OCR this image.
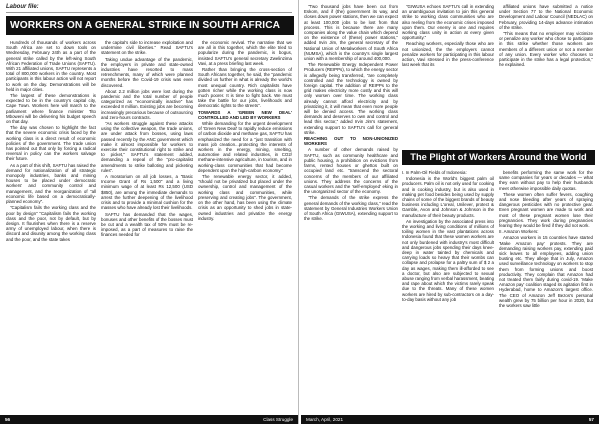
Labour file:
WORKERS ON A GENERAL STRIKE IN SOUTH AFRICA

Hundreds of thousands of workers across South Africa are set to down tools on Wednesday, February 24th as a part of the general strike called by the left-wing South African Federation of Trade Unions (SAFTU). With 21 affiliated unions, SAFTU represents a total of 800,000 workers in the country. Most participants in this labour action will not report to work on the day. Demonstrations will be held in major cities.

The largest of these demonstrations is expected to be in the country's capital city, Cape Town. Workers here will march to the parliament where finance minister Tito Mboweni will be delivering his budget speech on that day.

The day was chosen to highlight the fact that the severe economic crisis faced by the working class is a direct result of economic policies of the government. The trade union has pointed out that only by forcing a radical reversal in policy can the workers salvage their future.

As a part of this shift, SAFTU has raised the demand for nationalization of all strategic monopoly industries, banks and mining houses to be placed under democratic workers' and community control and management, and the reorganization of "all economic life based on a democratically-planned economy".

"Capitalism fails the working class and the poor by design" "Capitalism fails the working class and the poor, not by default, but by design. It flourishes when there is a reserve army of unemployed labour, when there is discord and disunity among the working class and the poor, and the state takes

the capital's side to increase exploitation and undermine civil liberties." Read SAFTU's statement on the strike.

Taking undue advantage of the pandemic, the employers in private and state-owned industries have resorted to mass retrenchments, many of which were planned months before the Covid-19 crisis was even discovered.

About 2.2 million jobs were lost during the pandemic and the total number of people categorized as "economically inactive" has exceeded 8 million. Existing jobs are becoming increasingly precarious because of outsourcing and zero-hours contracts.

"As workers struggle against these attacks using the collective weapon, the trade unions, are under attack from bosses, using laws passed recently by the ANC government which make it almost impossible for workers to exercise their constitutional right to strike and to picket," SAFTU's statement added, demanding a repeal of the "pro-capitalist amendments to strike balloting and picketing rules".

A moratorium on all job losses, a "Basic Income Grant of Rs 1,500" and a living minimum wage of at least Rs 12,500 (USD $850), are among the immediate demands to arrest the further deepening of the livelihood crisis and to provide a minimal cushion for the masses who have already lost their livelihoods.

SAFTU has demanded that the wages, bonuses and other benefits of the bosses must be cut and a wealth tax of 50% must be re-imposed, as a part of measures to raise the finances needed for

the economic revival. The narrative that we are all in this together, which the elite tried to popularize during the pandemic, is bogus, insisted SAFTU's general secretary Zwelinzima Vavi, at a press briefing last week.

Rather than bringing the cross-section of South Africans together, he said, the "pandemic divided us further in what is already the world's most unequal country. Rich capitalists have gotten richer while the working class is now much poorer. It is time to fight back. We must take the battle for our jobs, livelihoods and democratic rights to the streets".

TOWARDS A 'GREEN NEW DEAL' CONTROLLED AND LED BY WORKERS

While demanding for the urgent development of 'Green New Deal' to rapidly reduce emissions of carbon dioxide and methane gas, SAFTU has emphasized the need for a "just transition with mass job creation...protecting the interests of workers in the energy, mining, smelting, automotive and related industries, in CO2/ methane-intensive agriculture, in tourism, and in working-class communities that had become dependent upon the high-carbon economy."

The renewable energy sector, it added, "should not be privatized but placed under the ownership, control and management of the working class and communities, while preserving and creating jobs". The government, on the other hand, has been using the climate crisis as an opportunity to shed jobs in state-owned industries and privatize the energy industry.

56	Class Struggle

"Two thousand jobs have been cut from Eskom, and if (the) government its way, and closes down power stations, then we can expect at least 100,000 jobs to be lost from that process. This is because there are many companies along the value chain which depend on the existence of (these) power stations," added Irvin Jim, the general secretary of the National Union of Metalworkers of South Africa (NUMSA), which is the country's single largest union with a membership of around 400,000.

The Renewable Energy Independent Power Producers (REIPPs), to which the energy sector is allegedly being transferred, "are completely controlled and the technology is owned by foreign capital. The addition of REIPPs to the grid makes electricity more costly and this will only worsen over time. The working class already cannot afford electricity and by privatizing it, it will mean that even more people will be denied access. The working class demands and deserves to own and control and lead this sector," added Irvin Jim's statement, extending support to SAFTU's call for general strike.

REACHING OUT TO NON-UNIONIZED WORKERS

A number of other demands raised by SAFTU, such as community healthcare and public housing, a prohibition on evictions from farms, rented houses or ghettos built on occupied land etc. "transcend the sectoral concerns of the members of our affiliated unions. They address the concerns of the casual workers and the 'self-employed' eking in the unorganized sector of the economy.

"The demands of the strike express the general demands of the working class," read the statement by General Industries Workers Union of South Africa (GIWUSA), extending support to the strike.

"GIWUSA echoes SAFTU's call in extending an unambiguous invitation to join this general strike to working class communities who are also reeling from the economic crises imposed upon them. Our enemy is one and requires working class unity in action at every given opportunity."

Reaching workers, especially those who are not unionized, the the employers cannot penalize workers for participating in this labour action, Vavi stressed in the press-conference last week that its

affiliated unions have submitted a notice under Section 77 to the National Economic Development and Labour Council (NEDLAC) on February, providing 14-days advance intimation of the strike.

"This means that no employer may victimize or penalize any worker who chose to participate in this strike whether those workers are members of a different union or not a member of any union. Every worker who chooses to participate in the strike has a legal protection," he explained.

The Plight of Workers Around the World

I. In Palm-Oil Fields of Indonesia:

Indonesia is the World's biggest palm oil producers. Palm oil is not only used for cooking and in cooking industry, but is also used in making pet food besides being used by supply chains of some of the biggest brands of beauty business including L'oreal, Unilever, protect & Gamble, Avon and Johnson & Johnson in the manufacture of their beauty products.

An investigation by the associated press into the working and living conditions of millions of toiling women in the vast plantations across Indonesia found that these women workers are not only burdened with industry's most difficult and dangerous jobs spending their days knee-deep in water tainted by chemicals and carrying loads so heavy that their wombs can collapse and prolapse for a paltry sum of $ 2 a day as wages, making them ill-afforded to see a doctor, but also are subjected to sexual abuse ranging from verbal harassment, beating and rape about which the victims rarely speak due to the threats. Many of these women workers are hired by sub-contractors on a day-to-day basis without any job

benefits performing the same work for the same companies for years or decades — what they earn without pay to help their husbands meet otherwise impossible daily quotas.

These women often suffer fevers, coughing and nose bleeding after years of spraying dangerous pesticides with no protective gear. Even pregnant women are made to work and most of these pregnant women lose their pregnancies. They work during pregnancies fearing they would be fired if they did not work.

II. Amazon Workers:

Amazon workers in 15 countries have started 'Make Amazon pay' protests. They are demanding raising workers pay, extending paid sick leaves to all employees, adding union busting etc. They allege that in July, Amazon used surveillance technology on workers to stop them from forming unions and boost productivity. They complain that Amazon had not treated them fairly during covid-19. 'Make Amazon pay' coalition staged its agitation first in Hyderabad, home to Amazon's largest office. The CEO of Amazon Jeff Bezos's personal wealth grew by 75 billion per hour in 2020, but the workers saw little

March, April, 2021	57
